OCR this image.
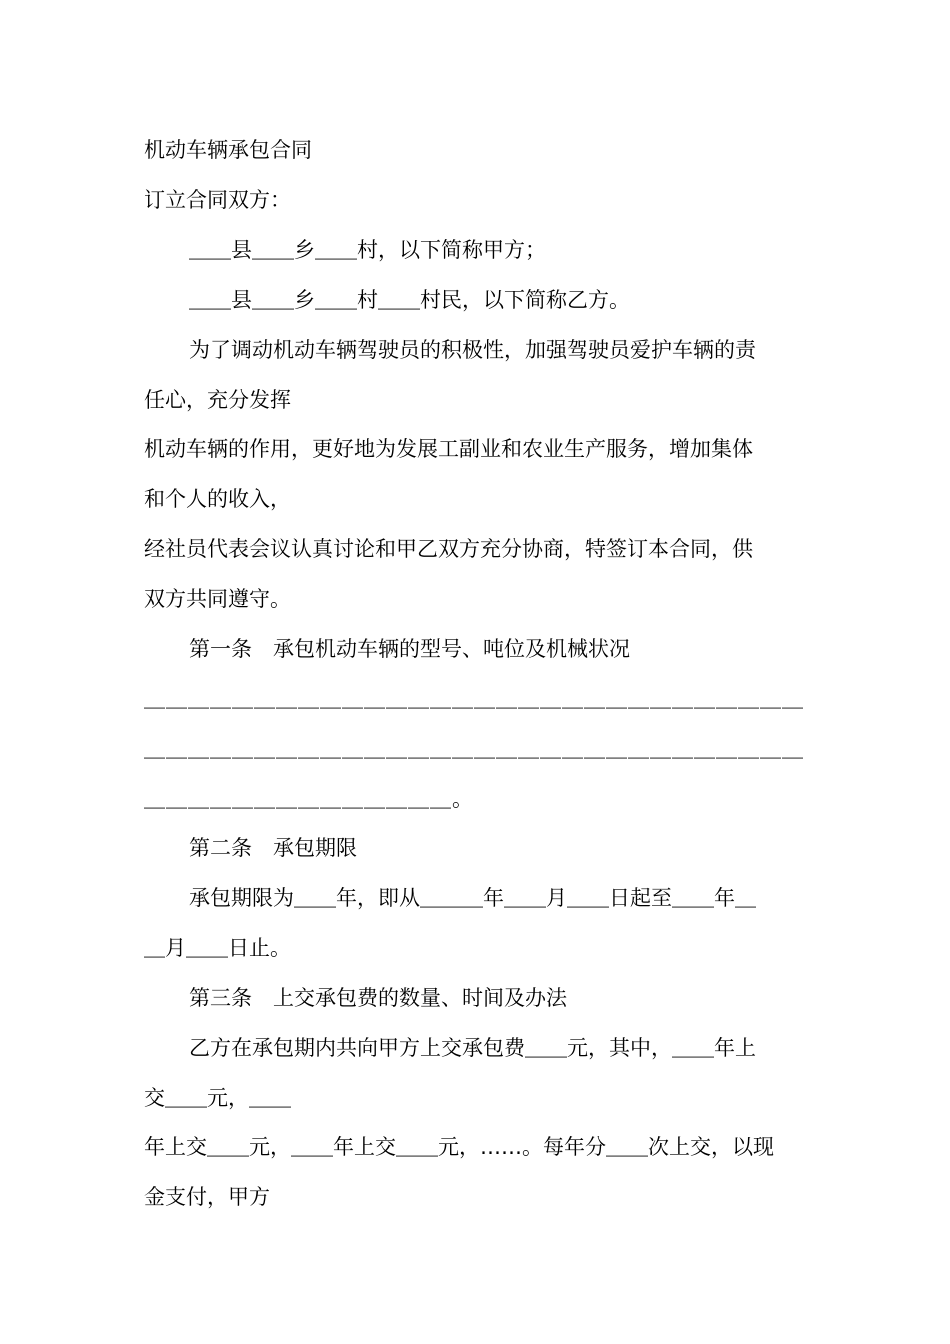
机动车辆承包合同
订立合同双方：
＿＿县＿＿乡＿＿村，以下简称甲方；
＿＿县＿＿乡＿＿村＿＿村民，以下简称乙方。
为了调动机动车辆驾驶员的积极性，加强驾驶员爱护车辆的责
任心，充分发挥
机动车辆的作用，更好地为发展工副业和农业生产服务，增加集体
和个人的收入，
经社员代表会议认真讨论和甲乙双方充分协商，特签订本合同，供
双方共同遵守。
第一条　承包机动车辆的型号、吨位及机械状况
＿＿＿＿＿＿＿＿＿＿＿＿＿＿＿＿＿＿＿＿＿＿＿＿＿＿＿＿＿＿
＿＿＿＿＿＿＿＿＿＿＿＿＿＿＿＿＿＿＿＿＿＿＿＿＿＿＿＿＿＿
＿＿＿＿＿＿＿＿＿＿＿＿＿＿。
第二条　承包期限
承包期限为＿＿年，即从＿＿＿年＿＿月＿＿日起至＿＿年＿
＿月＿＿日止。
第三条　上交承包费的数量、时间及办法
乙方在承包期内共向甲方上交承包费＿＿元，其中，＿＿年上
交＿＿元，＿＿
年上交＿＿元，＿＿年上交＿＿元，……。每年分＿＿次上交，以现
金支付，甲方
